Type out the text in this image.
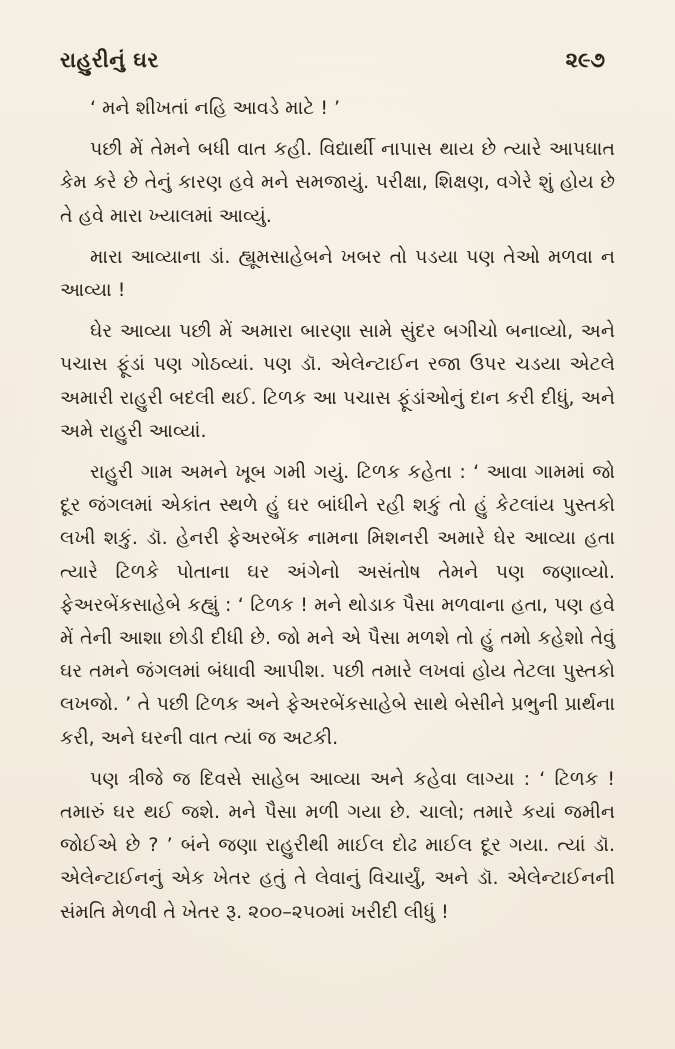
રાહુરીનું ઘર	૨૯૭

‘ મને શીખતાં નહિ આવડે માટે ! ’

પછી મેં તેમને બધી વાત કહી. વિદ્યાર્થી નાપાસ થાય છે ત્યારે આપઘાત કેમ કરે છે તેનું કારણ હવે મને સમજાયું. પરીક્ષા, શિક્ષણ, વગેરે શું હોય છે તે હવે મારા ખ્યાલમાં આવ્યું.

મારા આવ્યાના ડાં. હ્યૂમસાહેબને ખબર તો પડયા પણ તેઓ મળવા ન આવ્યા !

ઘેર આવ્યા પછી મેં અમારા બારણા સામે સુંદર બગીચો બનાવ્યો, અને પચાસ ફૂંડાં પણ ગોઠવ્યાં. પણ ડૉ. એલેન્ટાઈન રજા ઉપર ચડયા એટલે અમારી રાહુરી બદલી થઈ. ટિળક આ પચાસ ફૂંડાંઓનું દાન કરી દીધું, અને અમે રાહુરી આવ્યાં.

રાહુરી ગામ અમને ખૂબ ગમી ગયું. ટિળક કહેતા : ‘ આવા ગામમાં જો દૂર જંગલમાં એકાંત સ્થળે હું ઘર બાંધીને રહી શકું તો હું કેટલાંય પુસ્તકો લખી શકું. ડૉ. હેનરી ફેઅરબેંક નામના મિશનરી અમારે ઘેર આવ્યા હતા ત્યારે ટિળકે પોતાના ઘર અંગેનો અસંતોષ તેમને પણ જણાવ્યો. ફેઅરબેંકસાહેબે કહ્યું : ‘ ટિળક ! મને થોડાક પૈસા મળવાના હતા, પણ હવે મેં તેની આશા છોડી દીધી છે. જો મને એ પૈસા મળશે તો હું તમો કહેશો તેવું ઘર તમને જંગલમાં બંધાવી આપીશ. પછી તમારે લખવાં હોય તેટલા પુસ્તકો લખજો. ’ તે પછી ટિળક અને ફેઅરબેંકસાહેબે સાથે બેસીને પ્રભુની પ્રાર્થના કરી, અને ઘરની વાત ત્યાં જ અટકી.

પણ ત્રીજે જ દિવસે સાહેબ આવ્યા અને કહેવા લાગ્યા : ‘ ટિળક ! તમારું ઘર થઈ જશે. મને પૈસા મળી ગયા છે. ચાલો; તમારે કયાં જમીન જોઈએ છે ? ’ બંને જણા રાહુરીથી માઈલ દોઢ માઈલ દૂર ગયા. ત્યાં ડૉ. એલેન્ટાઈનનું એક ખેતર હતું તે લેવાનું વિચાર્યું, અને ડૉ. એલેન્ટાઈનની સંમતિ મેળવી તે ખેતર રૂ. ૨૦૦–૨૫૦માં ખરીદી લીધું !
